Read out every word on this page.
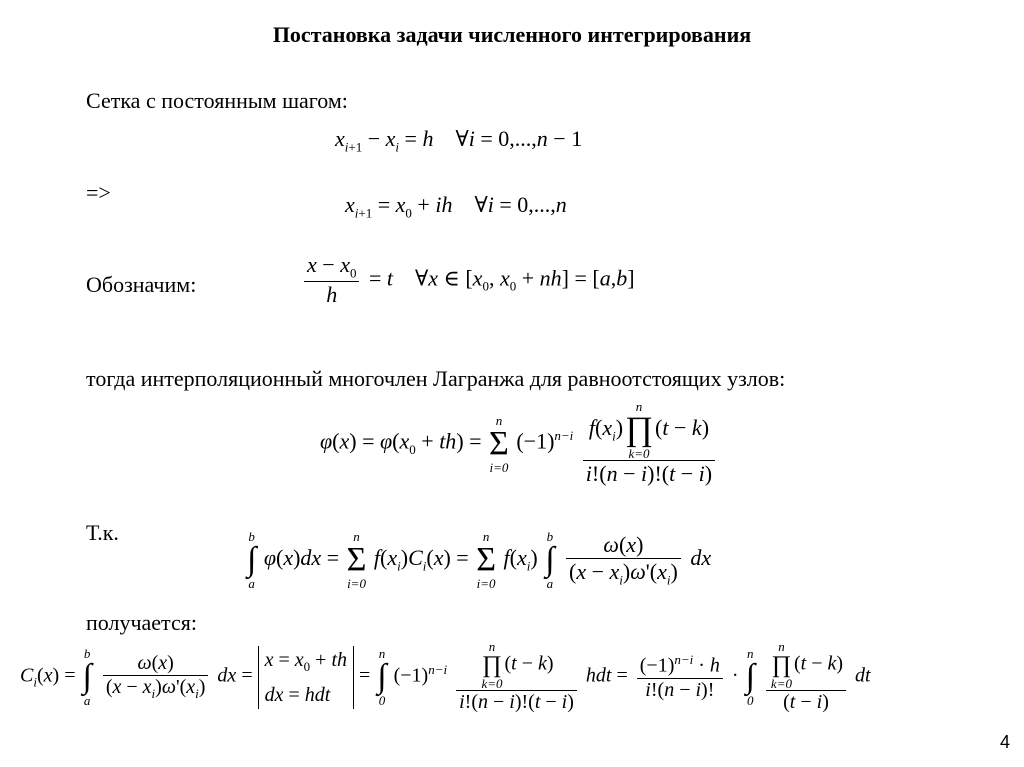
Постановка задачи численного интегрирования
Сетка с постоянным шагом:
$x_{i+1} - x_i = h$    ∀i = 0,...,n − 1
=>	$x_{i+1} = x_0$ + ih    ∀i = 0,...,n
Обозначим:	$\frac{x - x_0}{h} = t$    ∀x ∈ [$x_0$, $x_0 + nh] = [a,b]$
тогда интерполяционный многочлен Лагранжа для равноотстоящих узлов:
$\varphi(x) = \varphi(x_0 + th)$ =
n
Σ
i=0
$(-1)^{n-i}$ $f(x_i)$
n
∏
k=0
(t − k)
i!(n − i)!(t − i)
Т.к.	b
∫
a
φ(x)dx =
n
Σ
i=0
$f(x_i)C_i(x)$ =
n
Σ
i=0
$f(x_i)$
b
∫
a
$\frac{\omega(x)}{(x - x_i)\omega'(x_i)}$ dx
получается:
$C_i(x)$ =
b
∫
a
$\frac{\omega(x)}{(x - x_i)\omega'(x_i)}$ dx =
$x = x_0$ + th
dx = hdt
=
n
∫
0
$(-1)^{n-i}$ n
∏
k=0
(t − k)
i!(n − i)!(t − i) hdt = $\frac{(-1)^{n-i} \cdot h}{i!(n - i)!}$ ·
n
∫
0
n
∏
k=0
(t − k)
(t − i) dt
4
